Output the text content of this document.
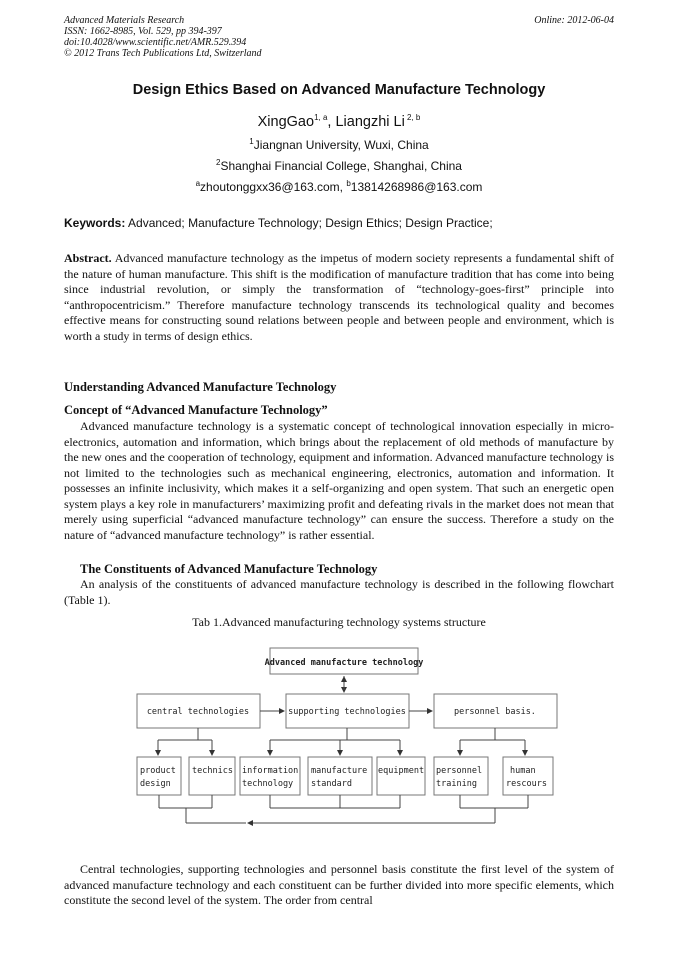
Advanced Materials Research
ISSN: 1662-8985, Vol. 529, pp 394-397
doi:10.4028/www.scientific.net/AMR.529.394
© 2012 Trans Tech Publications Ltd, Switzerland
Online: 2012-06-04
Design Ethics Based on Advanced Manufacture Technology
XingGao$^{1, a}$, Liangzhi Li $^{2, b}$
$^1$Jiangnan University, Wuxi, China
$^2$Shanghai Financial College, Shanghai, China
$^a$zhoutonggxx36@163.com, $^b$13814268986@163.com
Keywords: Advanced; Manufacture Technology; Design Ethics; Design Practice;
Abstract. Advanced manufacture technology as the impetus of modern society represents a fundamental shift of the nature of human manufacture. This shift is the modification of manufacture tradition that has come into being since industrial revolution, or simply the transformation of “technology-goes-first” principle into “anthropocentricism.” Therefore manufacture technology transcends its technological quality and becomes effective means for constructing sound relations between people and between people and environment, which is worth a study in terms of design ethics.
Understanding Advanced Manufacture Technology
Concept of “Advanced Manufacture Technology”
Advanced manufacture technology is a systematic concept of technological innovation especially in micro-electronics, automation and information, which brings about the replacement of old methods of manufacture by the new ones and the cooperation of technology, equipment and information. Advanced manufacture technology is not limited to the technologies such as mechanical engineering, electronics, automation and information. It possesses an infinite inclusivity, which makes it a self-organizing and open system. That such an energetic open system plays a key role in manufacturers’ maximizing profit and defeating rivals in the market does not mean that merely using superficial “advanced manufacture technology” can ensure the success. Therefore a study on the nature of “advanced manufacture technology” is rather essential.
The Constituents of Advanced Manufacture Technology
An analysis of the constituents of advanced manufacture technology is described in the following flowchart (Table 1).
Tab 1.Advanced manufacturing technology systems structure
Advanced manufacture technology
central technologies	supporting technologies	personnel basis.
product
design
technics information
technology
manufacture
standard
equipment personnel
training
human
rescours
Central technologies, supporting technologies and personnel basis constitute the first level of the system of advanced manufacture technology and each constituent can be further divided into more specific elements, which constitute the second level of the system. The order from central
